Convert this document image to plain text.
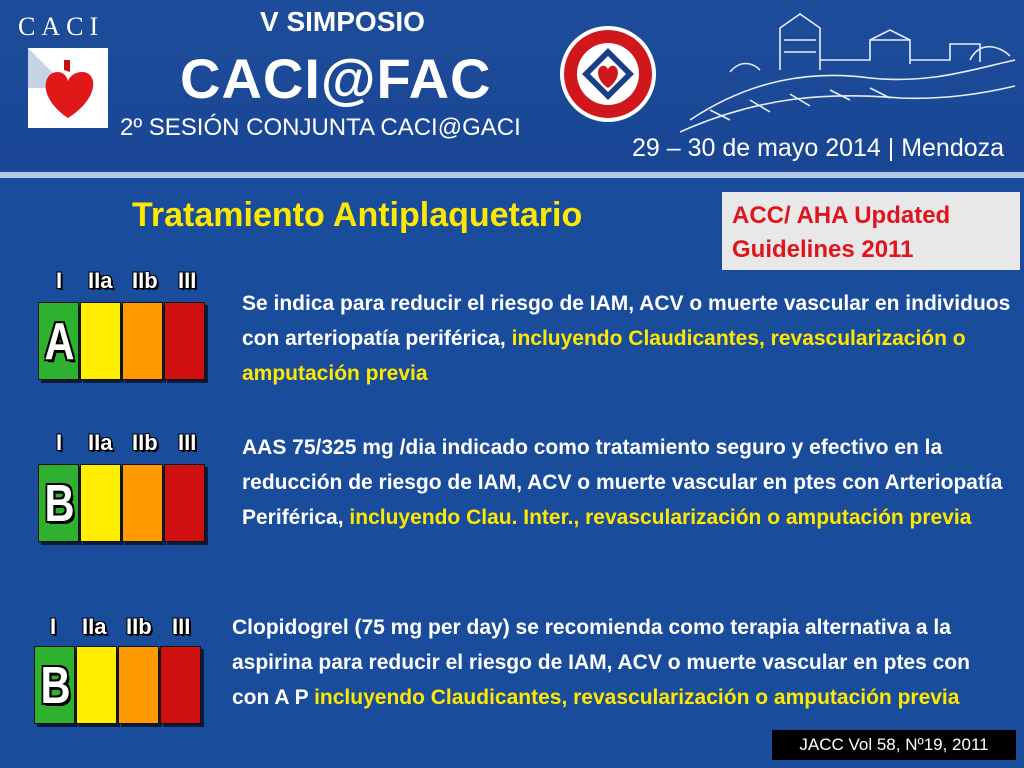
CACI	V SIMPOSIO
CACI@FAC
2º SESIÓN CONJUNTA CACI@GACI
29 – 30 de mayo 2014 | Mendoza
Tratamiento Antiplaquetario	ACC/ AHA Updated
Guidelines 2011
I IIa IIb III
A
Se indica para reducir el riesgo de IAM, ACV o muerte vascular en individuos con arteriopatía periférica, incluyendo Claudicantes, revascularización o amputación previa
I IIa IIb III
B
AAS 75/325 mg /dia indicado como tratamiento seguro y efectivo en la reducción de riesgo de IAM, ACV o muerte vascular en ptes con Arteriopatía Periférica, incluyendo Clau. Inter., revascularización o amputación previa
I IIa IIb III
B
Clopidogrel (75 mg per day) se recomienda como terapia alternativa a la aspirina para reducir el riesgo de IAM, ACV o muerte vascular en ptes con con A P incluyendo Claudicantes, revascularización o amputación previa
JACC Vol 58, Nº19, 2011
